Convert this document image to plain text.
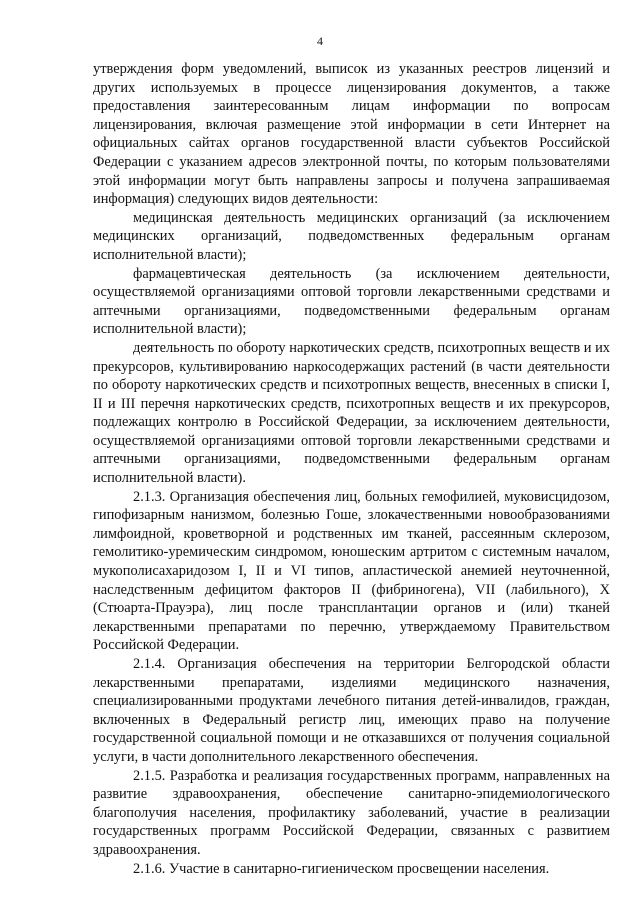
4

утверждения форм уведомлений, выписок из указанных реестров лицензий и других используемых в процессе лицензирования документов, а также предоставления заинтересованным лицам информации по вопросам лицензирования, включая размещение этой информации в сети Интернет на официальных сайтах органов государственной власти субъектов Российской Федерации с указанием адресов электронной почты, по которым пользователями этой информации могут быть направлены запросы и получена запрашиваемая информация) следующих видов деятельности:

медицинская деятельность медицинских организаций (за исключением медицинских организаций, подведомственных федеральным органам исполнительной власти);

фармацевтическая деятельность (за исключением деятельности, осуществляемой организациями оптовой торговли лекарственными средствами и аптечными организациями, подведомственными федеральным органам исполнительной власти);

деятельность по обороту наркотических средств, психотропных веществ и их прекурсоров, культивированию наркосодержащих растений (в части деятельности по обороту наркотических средств и психотропных веществ, внесенных в списки I, II и III перечня наркотических средств, психотропных веществ и их прекурсоров, подлежащих контролю в Российской Федерации, за исключением деятельности, осуществляемой организациями оптовой торговли лекарственными средствами и аптечными организациями, подведомственными федеральным органам исполнительной власти).

2.1.3. Организация обеспечения лиц, больных гемофилией, муковисцидозом, гипофизарным нанизмом, болезнью Гоше, злокачественными новообразованиями лимфоидной, кроветворной и родственных им тканей, рассеянным склерозом, гемолитико-уремическим синдромом, юношеским артритом с системным началом, мукополисахаридозом I, II и VI типов, апластической анемией неуточненной, наследственным дефицитом факторов II (фибриногена), VII (лабильного), X (Стюарта-Прауэра), лиц после трансплантации органов и (или) тканей лекарственными препаратами по перечню, утверждаемому Правительством Российской Федерации.

2.1.4. Организация обеспечения на территории Белгородской области лекарственными препаратами, изделиями медицинского назначения, специализированными продуктами лечебного питания детей-инвалидов, граждан, включенных в Федеральный регистр лиц, имеющих право на получение государственной социальной помощи и не отказавшихся от получения социальной услуги, в части дополнительного лекарственного обеспечения.

2.1.5. Разработка и реализация государственных программ, направленных на развитие здравоохранения, обеспечение санитарно-эпидемиологического благополучия населения, профилактику заболеваний, участие в реализации государственных программ Российской Федерации, связанных с развитием здравоохранения.

2.1.6. Участие в санитарно-гигиеническом просвещении населения.
